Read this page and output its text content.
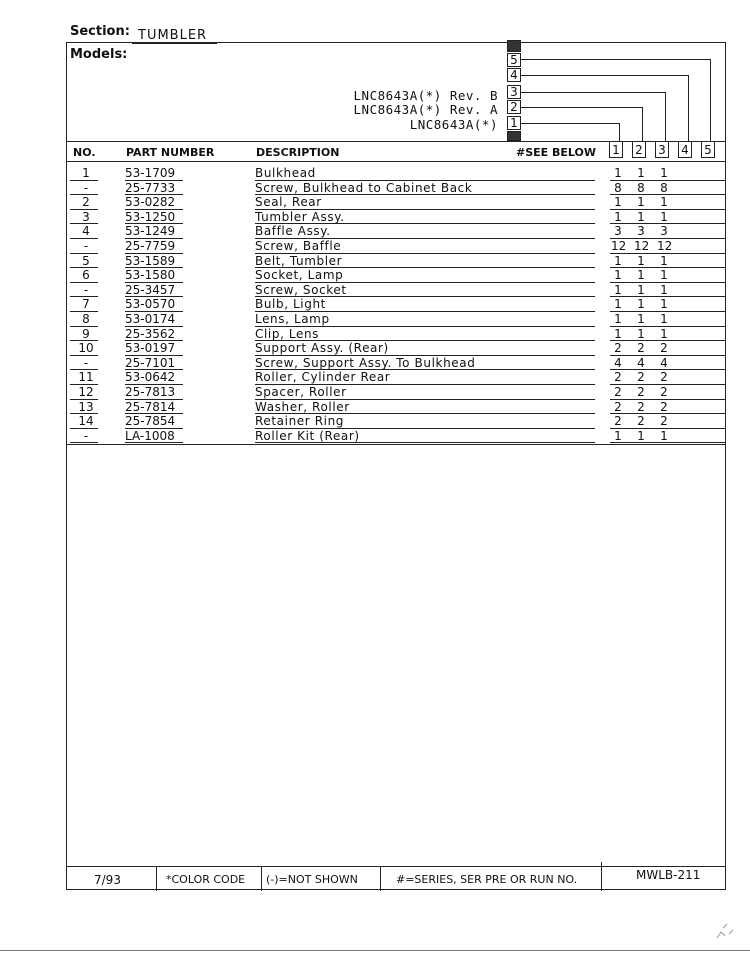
Section: TUMBLER
Models:
LNC8643A(*) Rev. B
LNC8643A(*) Rev. A
LNC8643A(*)
5
4
3
2
1
NO.	PART NUMBER	DESCRIPTION	#SEE BELOW 1 2 3 4 5
1	53-1709	Bulkhead	1 1 1
-	25-7733	Screw, Bulkhead to Cabinet Back	8 8 8
2	53-0282	Seal, Rear	1 1 1
3	53-1250	Tumbler Assy.	1 1 1
4	53-1249	Baffle Assy.	3 3 3
-	25-7759	Screw, Baffle	12 12 12
5	53-1589	Belt, Tumbler	1 1 1
6	53-1580	Socket, Lamp	1 1 1
-	25-3457	Screw, Socket	1 1 1
7	53-0570	Bulb, Light	1 1 1
8	53-0174	Lens, Lamp	1 1 1
9	25-3562	Clip, Lens	1 1 1
10	53-0197	Support Assy. (Rear)	2 2 2
-	25-7101	Screw, Support Assy. To Bulkhead	4 4 4
11	53-0642	Roller, Cylinder Rear	2 2 2
12	25-7813	Spacer, Roller	2 2 2
13	25-7814	Washer, Roller	2 2 2
14	25-7854	Retainer Ring	2 2 2
-	LA-1008	Roller Kit (Rear)	1 1 1
7/93	*COLOR CODE (-)=NOT SHOWN	#=SERIES, SER PRE OR RUN NO.	MWLB-211
